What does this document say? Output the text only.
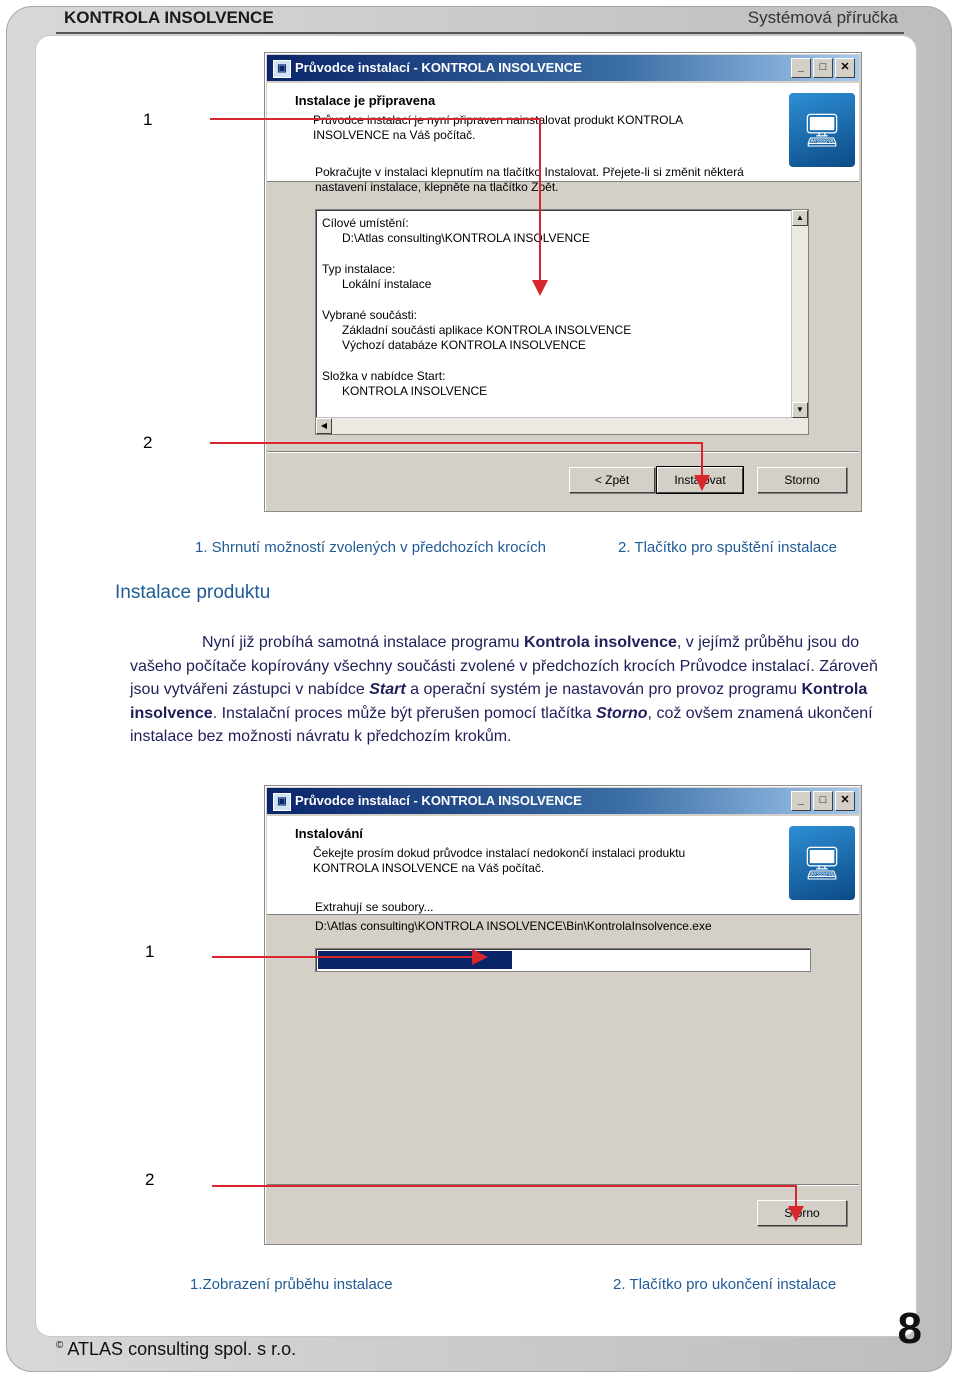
KONTROLA INSOLVENCE	Systémová příručka
▣ Průvodce instalací - KONTROLA INSOLVENCE	_	□	✕
Instalace je připravena
Průvodce instalací je nyní připraven nainstalovat produkt KONTROLA INSOLVENCE na Váš počítač.	🖥
Pokračujte v instalaci klepnutím na tlačítko Instalovat. Přejete-li si změnit některá nastavení instalace, klepněte na tlačítko Zpět.
Cílové umístění:
D:\Atlas consulting\KONTROLA INSOLVENCE
Typ instalace:
Lokální instalace
Vybrané součásti:
Základní součásti aplikace KONTROLA INSOLVENCE
Výchozí databáze KONTROLA INSOLVENCE
Složka v nabídce Start:
KONTROLA INSOLVENCE
▲
▼
◀
< Zpět	Instalovat	Storno
1
2
1. Shrnutí možností zvolených v předchozích krocích	2. Tlačítko pro spuštění instalace
Instalace produktu
Nyní již probíhá samotná instalace programu Kontrola insolvence, v jejímž průběhu jsou do vašeho počítače kopírovány všechny součásti zvolené v předchozích krocích Průvodce instalací. Zároveň jsou vytvářeni zástupci v nabídce Start a operační systém je nastavován pro provoz programu Kontrola insolvence. Instalační proces může být přerušen pomocí tlačítka Storno, což ovšem znamená ukončení instalace bez možnosti návratu k předchozím krokům.
▣ Průvodce instalací - KONTROLA INSOLVENCE	_	□	✕
Instalování
Čekejte prosím dokud průvodce instalací nedokončí instalaci produktu KONTROLA INSOLVENCE na Váš počítač.	🖥
Extrahují se soubory...
D:\Atlas consulting\KONTROLA INSOLVENCE\Bin\KontrolaInsolvence.exe
Storno
1
2
1.Zobrazení průběhu instalace	2. Tlačítko pro ukončení instalace
© ATLAS consulting spol. s r.o.	8
